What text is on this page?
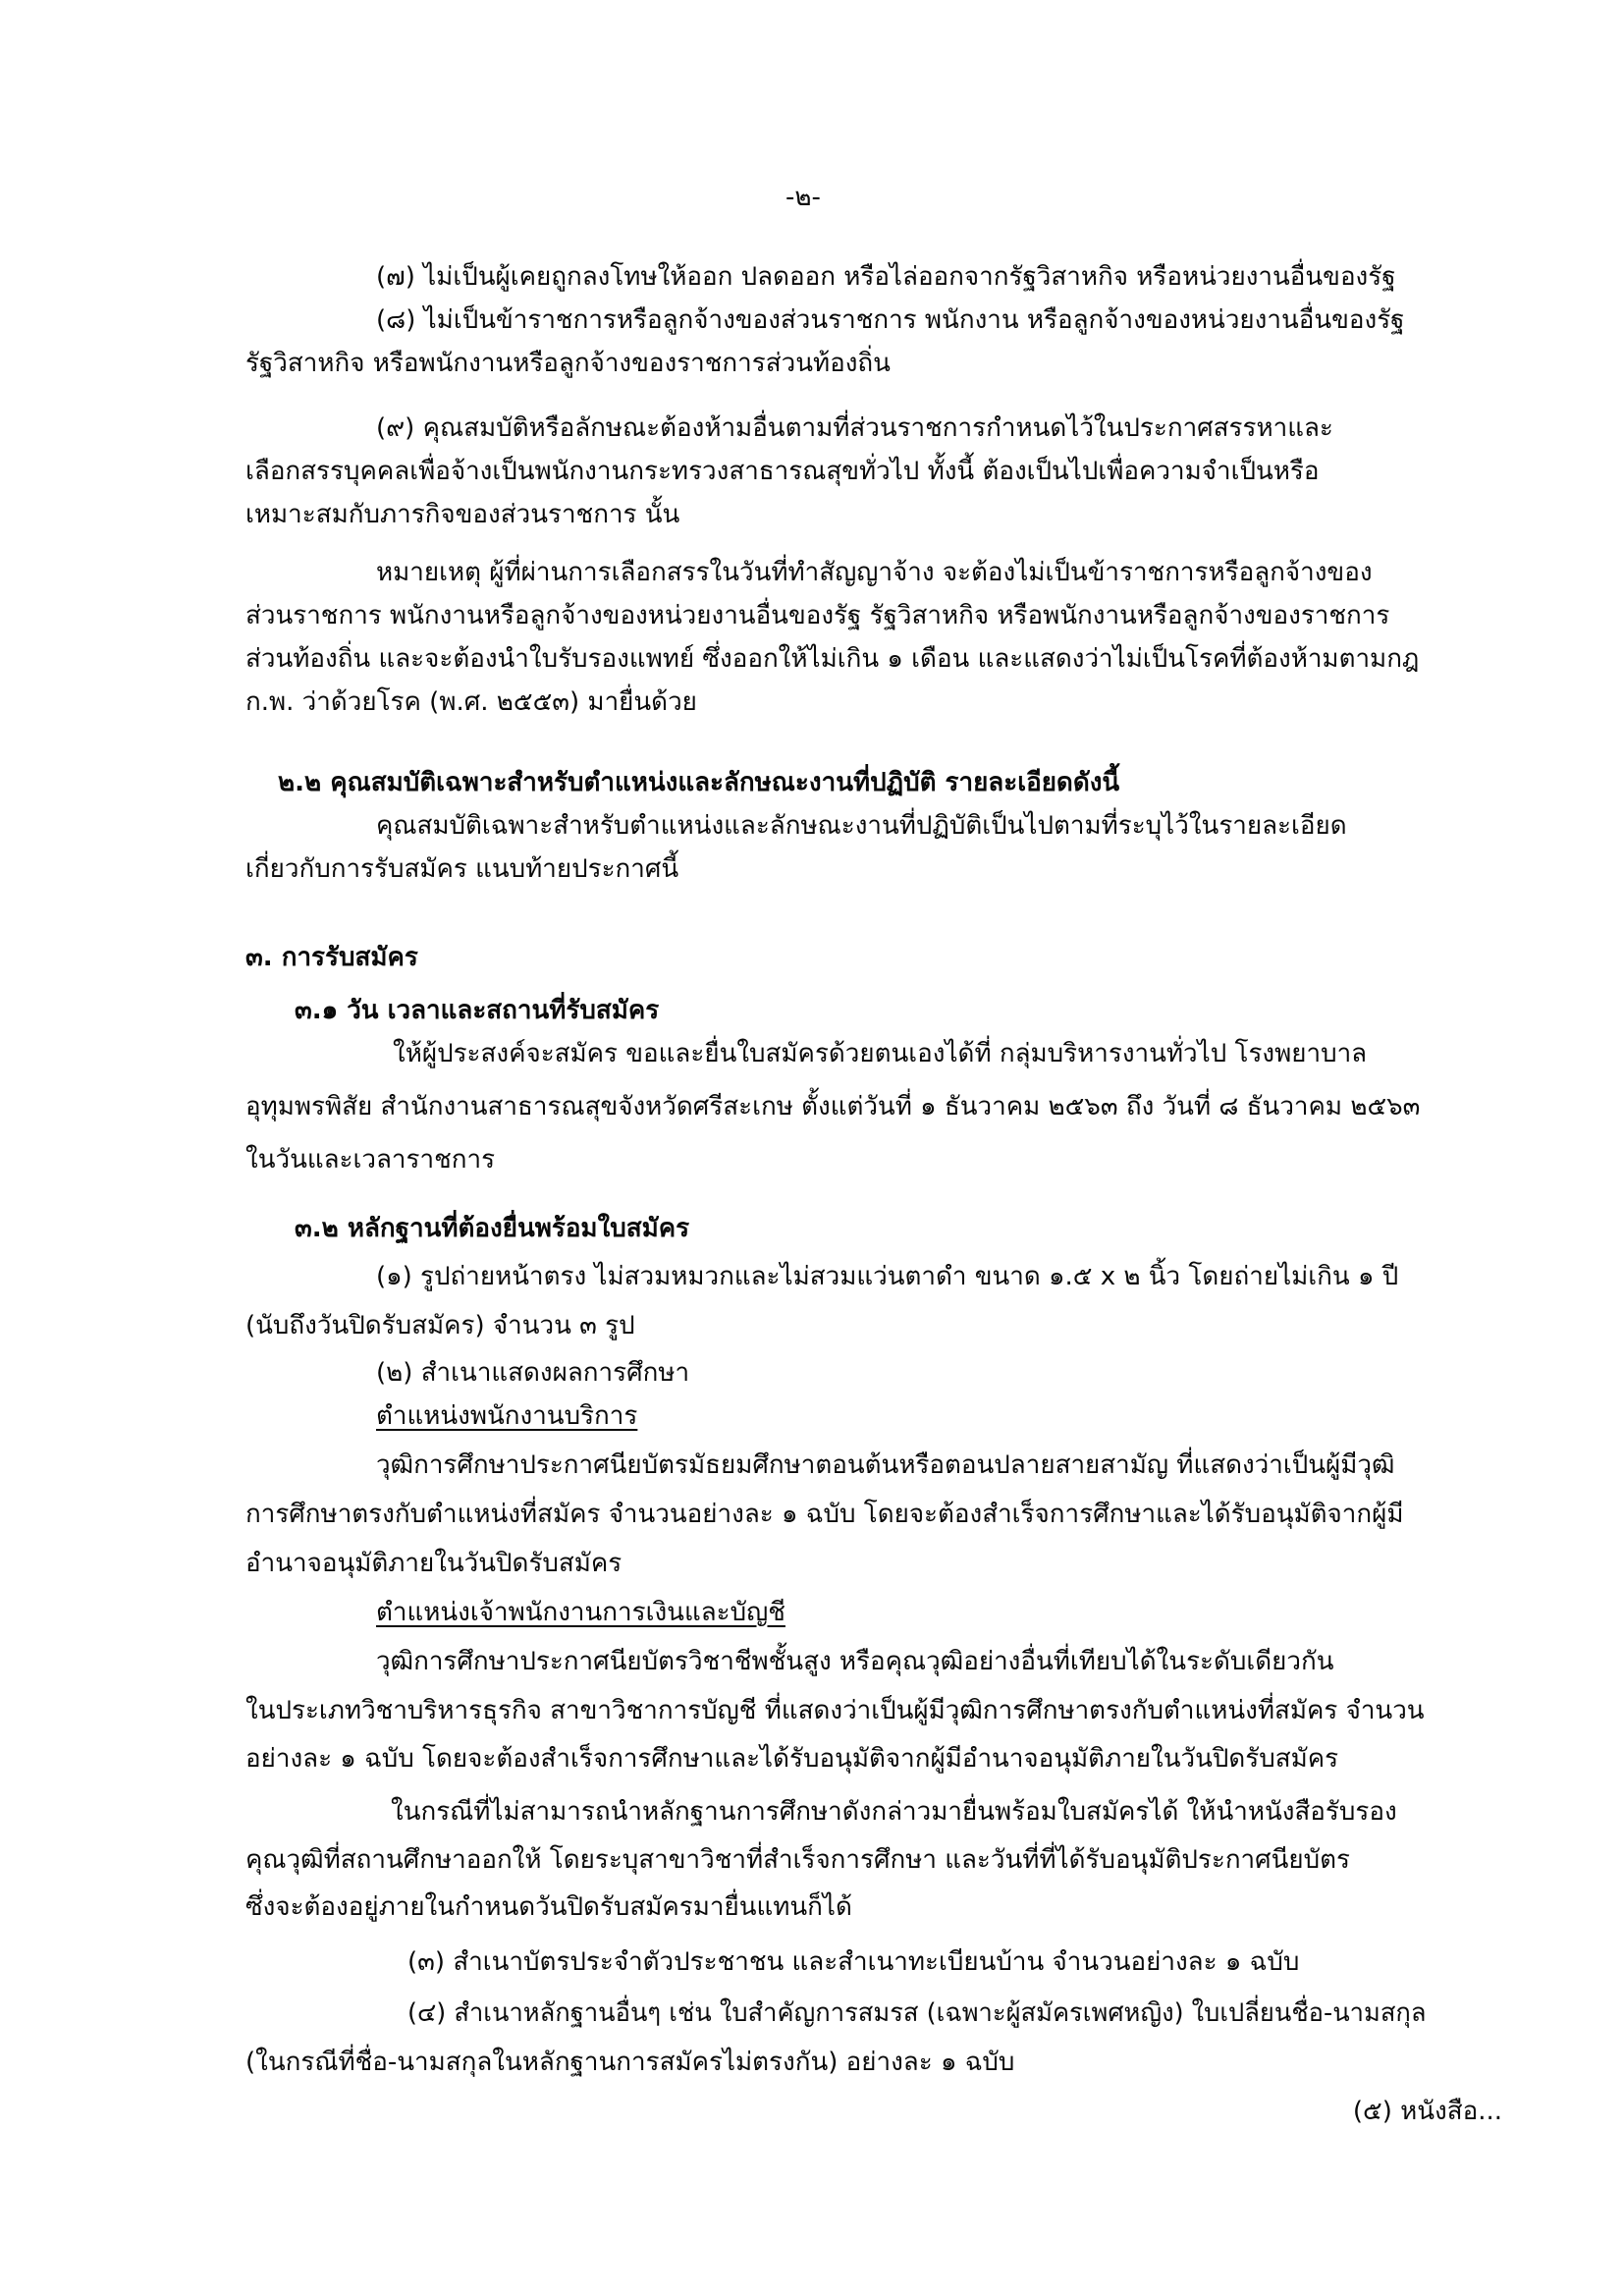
-๒-
(๗) ไม่เป็นผู้เคยถูกลงโทษให้ออก ปลดออก หรือไล่ออกจากรัฐวิสาหกิจ หรือหน่วยงานอื่นของรัฐ
(๘) ไม่เป็นข้าราชการหรือลูกจ้างของส่วนราชการ พนักงาน หรือลูกจ้างของหน่วยงานอื่นของรัฐ
รัฐวิสาหกิจ หรือพนักงานหรือลูกจ้างของราชการส่วนท้องถิ่น
(๙) คุณสมบัติหรือลักษณะต้องห้ามอื่นตามที่ส่วนราชการกำหนดไว้ในประกาศสรรหาและ
เลือกสรรบุคคลเพื่อจ้างเป็นพนักงานกระทรวงสาธารณสุขทั่วไป ทั้งนี้ ต้องเป็นไปเพื่อความจำเป็นหรือ
เหมาะสมกับภารกิจของส่วนราชการ นั้น
หมายเหตุ ผู้ที่ผ่านการเลือกสรรในวันที่ทำสัญญาจ้าง จะต้องไม่เป็นข้าราชการหรือลูกจ้างของ
ส่วนราชการ พนักงานหรือลูกจ้างของหน่วยงานอื่นของรัฐ รัฐวิสาหกิจ หรือพนักงานหรือลูกจ้างของราชการ
ส่วนท้องถิ่น และจะต้องนำใบรับรองแพทย์ ซึ่งออกให้ไม่เกิน ๑ เดือน และแสดงว่าไม่เป็นโรคที่ต้องห้ามตามกฎ
ก.พ. ว่าด้วยโรค (พ.ศ. ๒๕๕๓) มายื่นด้วย
๒.๒ คุณสมบัติเฉพาะสำหรับตำแหน่งและลักษณะงานที่ปฏิบัติ รายละเอียดดังนี้
คุณสมบัติเฉพาะสำหรับตำแหน่งและลักษณะงานที่ปฏิบัติเป็นไปตามที่ระบุไว้ในรายละเอียด
เกี่ยวกับการรับสมัคร แนบท้ายประกาศนี้
๓. การรับสมัคร
๓.๑ วัน เวลาและสถานที่รับสมัคร
ให้ผู้ประสงค์จะสมัคร ขอและยื่นใบสมัครด้วยตนเองได้ที่ กลุ่มบริหารงานทั่วไป โรงพยาบาล
อุทุมพรพิสัย สำนักงานสาธารณสุขจังหวัดศรีสะเกษ ตั้งแต่วันที่ ๑ ธันวาคม ๒๕๖๓ ถึง วันที่ ๘ ธันวาคม ๒๕๖๓
ในวันและเวลาราชการ
๓.๒ หลักฐานที่ต้องยื่นพร้อมใบสมัคร
(๑) รูปถ่ายหน้าตรง ไม่สวมหมวกและไม่สวมแว่นตาดำ ขนาด ๑.๕ x ๒ นิ้ว โดยถ่ายไม่เกิน ๑ ปี
(นับถึงวันปิดรับสมัคร) จำนวน ๓ รูป
(๒) สำเนาแสดงผลการศึกษา
ตำแหน่งพนักงานบริการ
วุฒิการศึกษาประกาศนียบัตรมัธยมศึกษาตอนต้นหรือตอนปลายสายสามัญ ที่แสดงว่าเป็นผู้มีวุฒิ
การศึกษาตรงกับตำแหน่งที่สมัคร จำนวนอย่างละ ๑ ฉบับ โดยจะต้องสำเร็จการศึกษาและได้รับอนุมัติจากผู้มี
อำนาจอนุมัติภายในวันปิดรับสมัคร
ตำแหน่งเจ้าพนักงานการเงินและบัญชี
วุฒิการศึกษาประกาศนียบัตรวิชาชีพชั้นสูง หรือคุณวุฒิอย่างอื่นที่เทียบได้ในระดับเดียวกัน
ในประเภทวิชาบริหารธุรกิจ สาขาวิชาการบัญชี ที่แสดงว่าเป็นผู้มีวุฒิการศึกษาตรงกับตำแหน่งที่สมัคร จำนวน
อย่างละ ๑ ฉบับ โดยจะต้องสำเร็จการศึกษาและได้รับอนุมัติจากผู้มีอำนาจอนุมัติภายในวันปิดรับสมัคร
ในกรณีที่ไม่สามารถนำหลักฐานการศึกษาดังกล่าวมายื่นพร้อมใบสมัครได้ ให้นำหนังสือรับรอง
คุณวุฒิที่สถานศึกษาออกให้ โดยระบุสาขาวิชาที่สำเร็จการศึกษา และวันที่ที่ได้รับอนุมัติประกาศนียบัตร
ซึ่งจะต้องอยู่ภายในกำหนดวันปิดรับสมัครมายื่นแทนก็ได้
(๓) สำเนาบัตรประจำตัวประชาชน และสำเนาทะเบียนบ้าน จำนวนอย่างละ ๑ ฉบับ
(๔) สำเนาหลักฐานอื่นๆ เช่น ใบสำคัญการสมรส (เฉพาะผู้สมัครเพศหญิง) ใบเปลี่ยนชื่อ-นามสกุล
(ในกรณีที่ชื่อ-นามสกุลในหลักฐานการสมัครไม่ตรงกัน) อย่างละ ๑ ฉบับ
(๕) หนังสือ...
